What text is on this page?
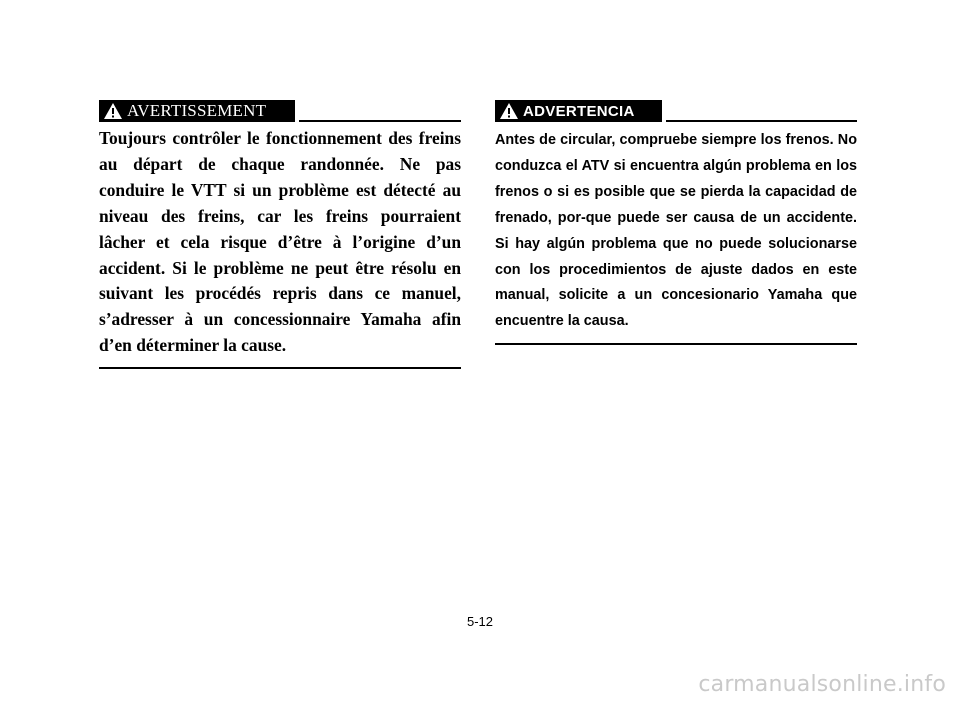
AVERTISSEMENT

Toujours contrôler le fonctionnement des freins au départ de chaque randonnée. Ne pas conduire le VTT si un problème est détecté au niveau des freins, car les freins pourraient lâcher et cela risque d’être à l’origine d’un accident. Si le problème ne peut être résolu en suivant les procédés repris dans ce manuel, s’adresser à un concessionnaire Yamaha afin d’en déterminer la cause.

ADVERTENCIA

Antes de circular, compruebe siempre los frenos. No conduzca el ATV si encuentra algún problema en los frenos o si es posible que se pierda la capacidad de frenado, por-que puede ser causa de un accidente. Si hay algún problema que no puede solucionarse con los procedimientos de ajuste dados en este manual, solicite a un concesionario Yamaha que encuentre la causa.

5-12
carmanualsonline.info
